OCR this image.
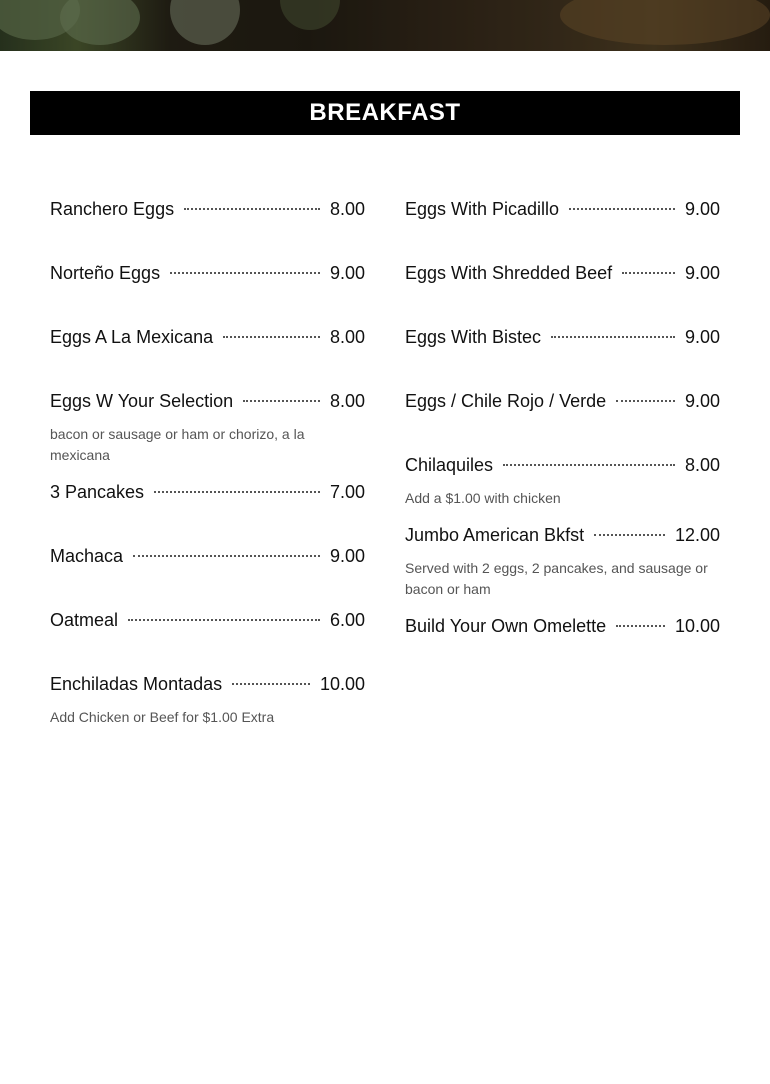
BREAKFAST
Ranchero Eggs	8.00
Norteño Eggs	9.00
Eggs A La Mexicana	8.00
Eggs W Your Selection	8.00
bacon or sausage or ham or chorizo, a la mexicana
3 Pancakes	7.00
Machaca	9.00
Oatmeal	6.00
Enchiladas Montadas	10.00
Add Chicken or Beef for $1.00 Extra
Eggs With Picadillo	9.00
Eggs With Shredded Beef	9.00
Eggs With Bistec	9.00
Eggs / Chile Rojo / Verde	9.00
Chilaquiles	8.00
Add a $1.00 with chicken
Jumbo American Bkfst	12.00
Served with 2 eggs, 2 pancakes, and sausage or bacon or ham
Build Your Own Omelette	10.00
